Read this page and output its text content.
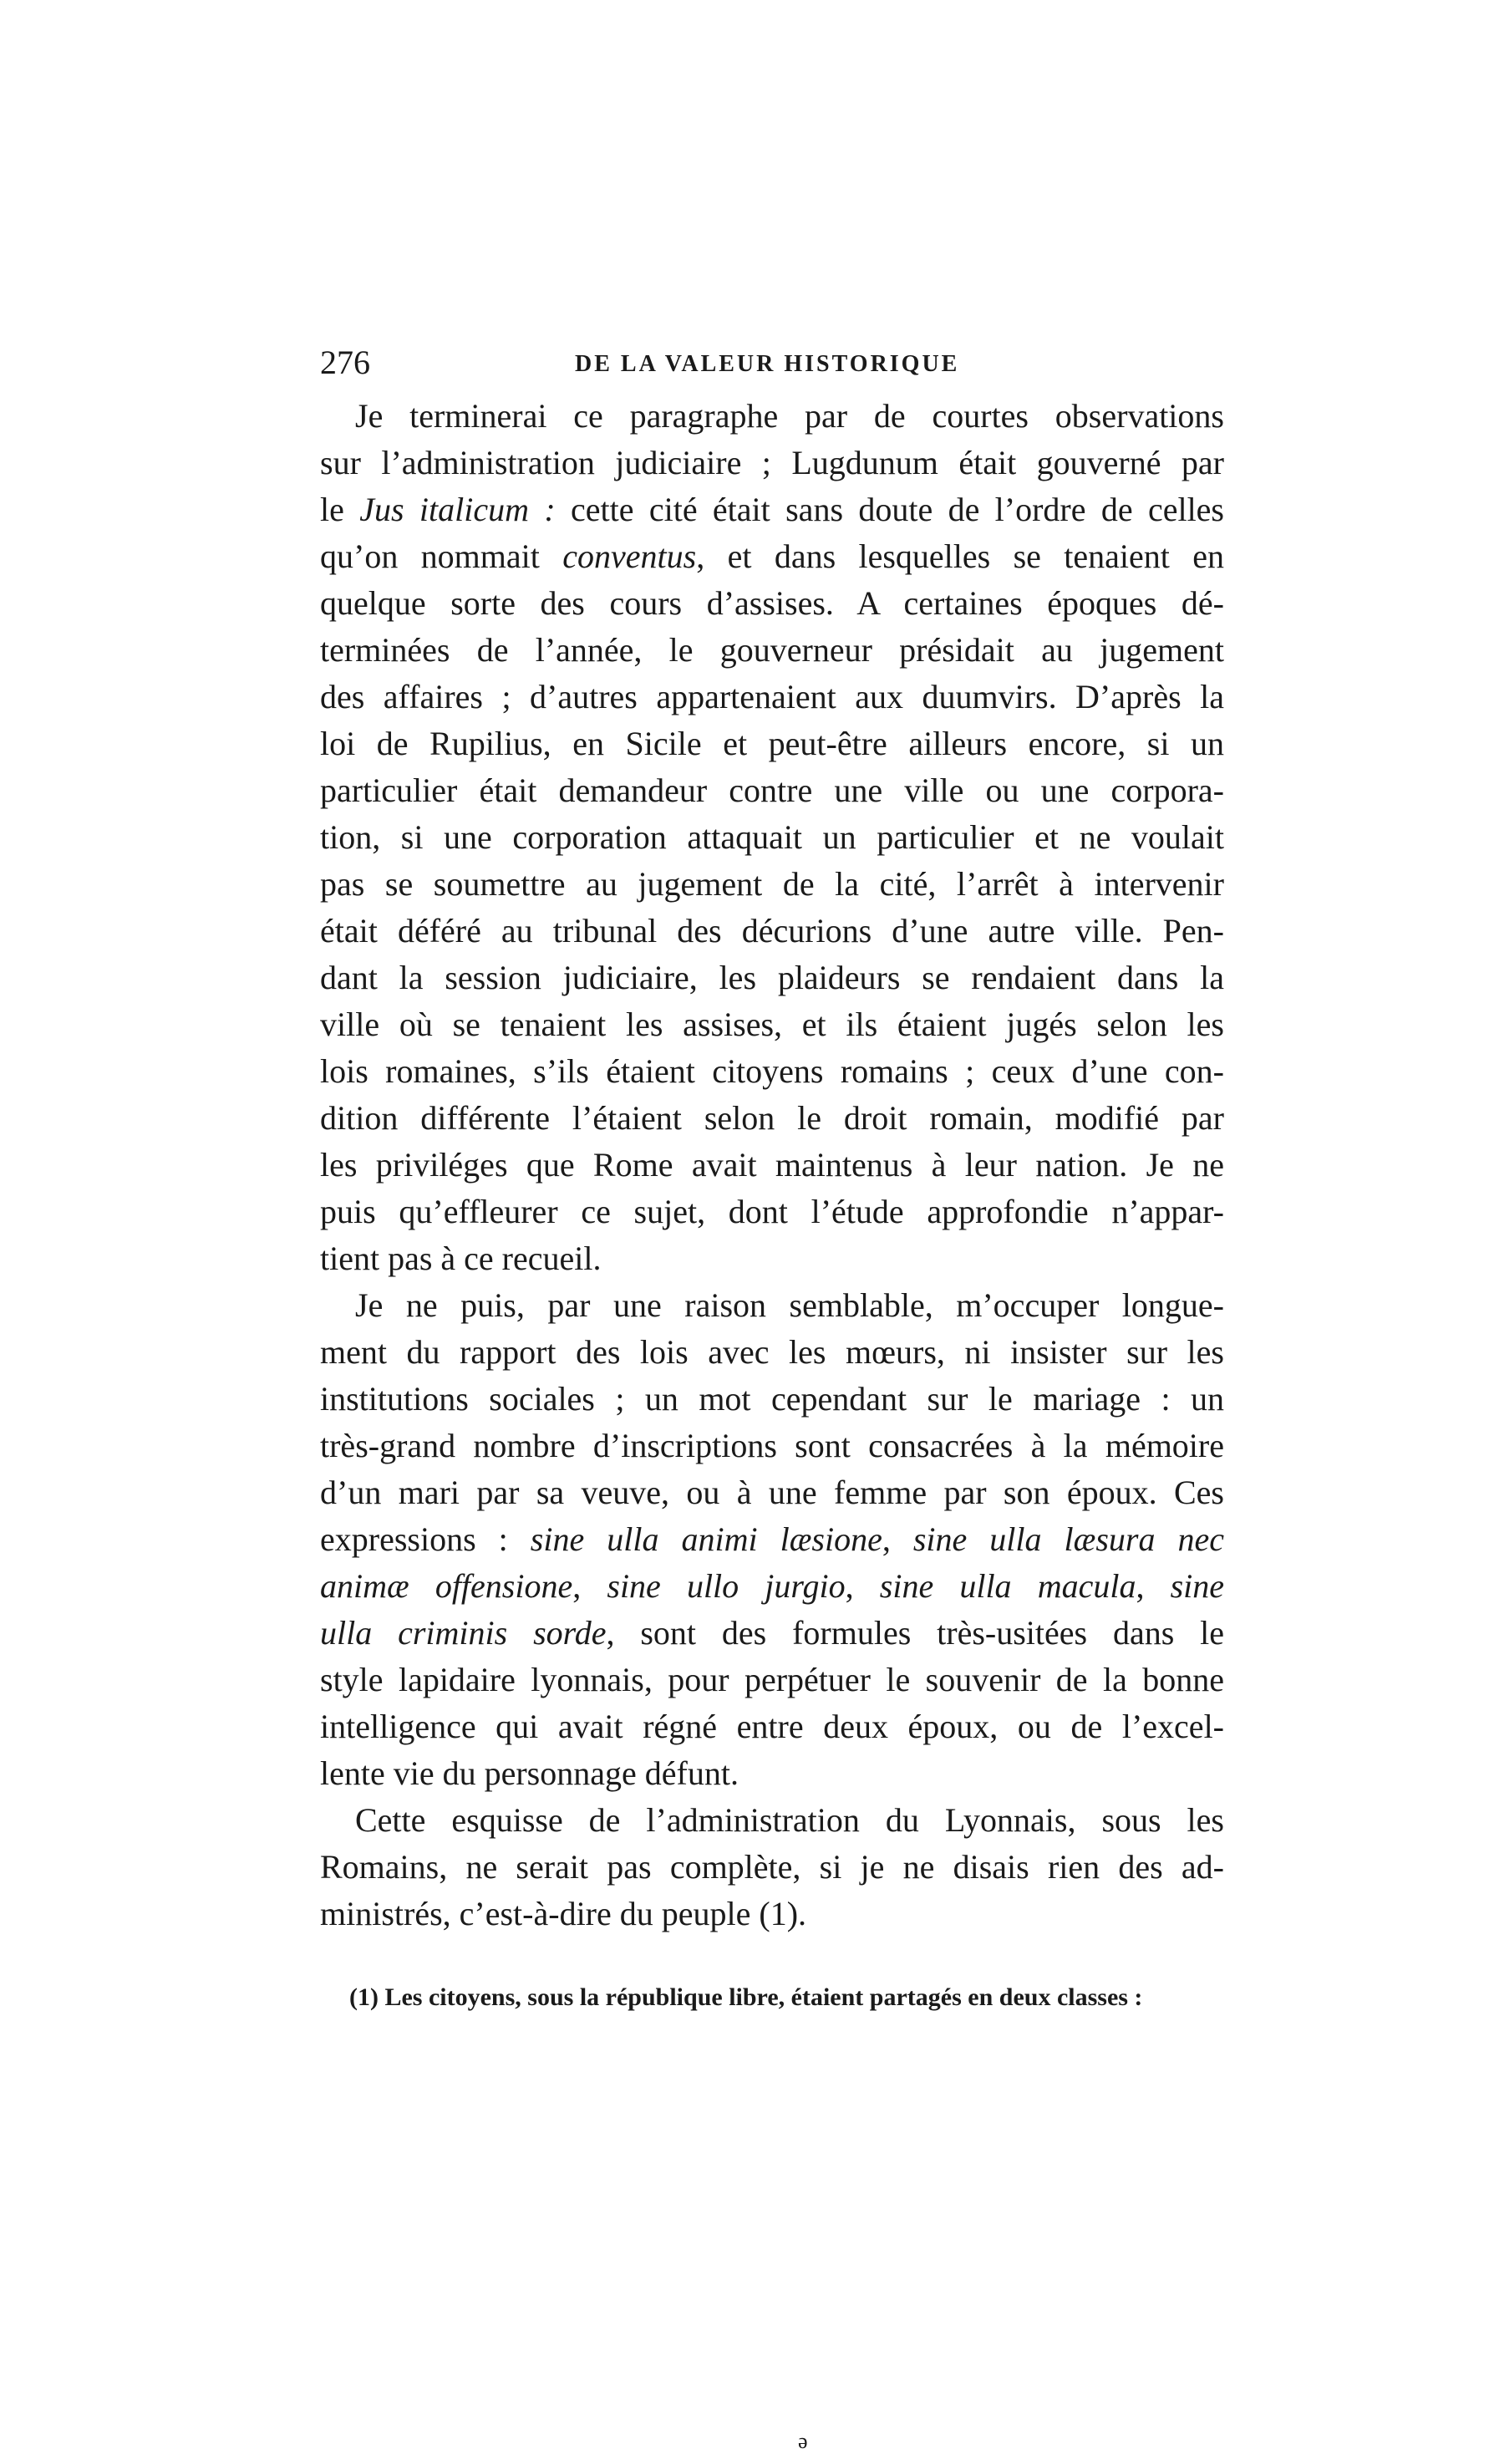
276	DE LA VALEUR HISTORIQUE
Je terminerai ce paragraphe par de courtes observations
sur l’administration judiciaire ; Lugdunum était gouverné par
le Jus italicum : cette cité était sans doute de l’ordre de celles
qu’on nommait conventus, et dans lesquelles se tenaient en
quelque sorte des cours d’assises. A certaines époques dé-
terminées de l’année, le gouverneur présidait au jugement
des affaires ; d’autres appartenaient aux duumvirs. D’après la
loi de Rupilius, en Sicile et peut-être ailleurs encore, si un
particulier était demandeur contre une ville ou une corpora-
tion, si une corporation attaquait un particulier et ne voulait
pas se soumettre au jugement de la cité, l’arrêt à intervenir
était déféré au tribunal des décurions d’une autre ville. Pen-
dant la session judiciaire, les plaideurs se rendaient dans la
ville où se tenaient les assises, et ils étaient jugés selon les
lois romaines, s’ils étaient citoyens romains ; ceux d’une con-
dition différente l’étaient selon le droit romain, modifié par
les priviléges que Rome avait maintenus à leur nation. Je ne
puis qu’effleurer ce sujet, dont l’étude approfondie n’appar-
tient pas à ce recueil.
Je ne puis, par une raison semblable, m’occuper longue-
ment du rapport des lois avec les mœurs, ni insister sur les
institutions sociales ; un mot cependant sur le mariage : un
très-grand nombre d’inscriptions sont consacrées à la mémoire
d’un mari par sa veuve, ou à une femme par son époux. Ces
expressions : sine ulla animi læsione, sine ulla læsura nec
animæ offensione, sine ullo jurgio, sine ulla macula, sine
ulla criminis sorde, sont des formules très-usitées dans le
style lapidaire lyonnais, pour perpétuer le souvenir de la bonne
intelligence qui avait régné entre deux époux, ou de l’excel-
lente vie du personnage défunt.
Cette esquisse de l’administration du Lyonnais, sous les
Romains, ne serait pas complète, si je ne disais rien des ad-
ministrés, c’est-à-dire du peuple (1).
(1) Les citoyens, sous la république libre, étaient partagés en deux classes :
ə
